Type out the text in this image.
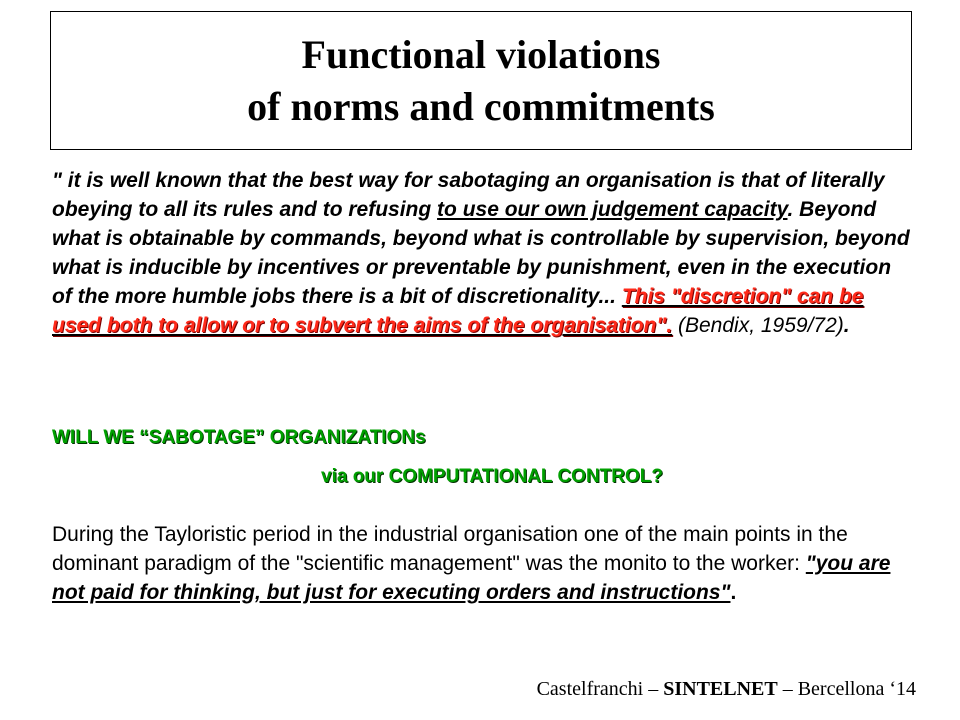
Functional violations
of norms and commitments
" it is well known that the best way for sabotaging an organisation is that of literally obeying to all its rules and to refusing to use our own judgement capacity. Beyond what is obtainable by commands, beyond what is controllable by supervision, beyond what is inducible by incentives or preventable by punishment, even in the execution of the more humble jobs there is a bit of discretionality... This "discretion" can be used both to allow or to subvert the aims of the organisation". (Bendix, 1959/72).
WILL WE “SABOTAGE” ORGANIZATIONs
via our COMPUTATIONAL CONTROL?
During the Tayloristic period in the industrial organisation one of the main points in the dominant paradigm of the "scientific management" was the monito to the worker: "you are not paid for thinking, but just for executing orders and instructions".
Castelfranchi – SINTELNET – Bercellona ‘14
